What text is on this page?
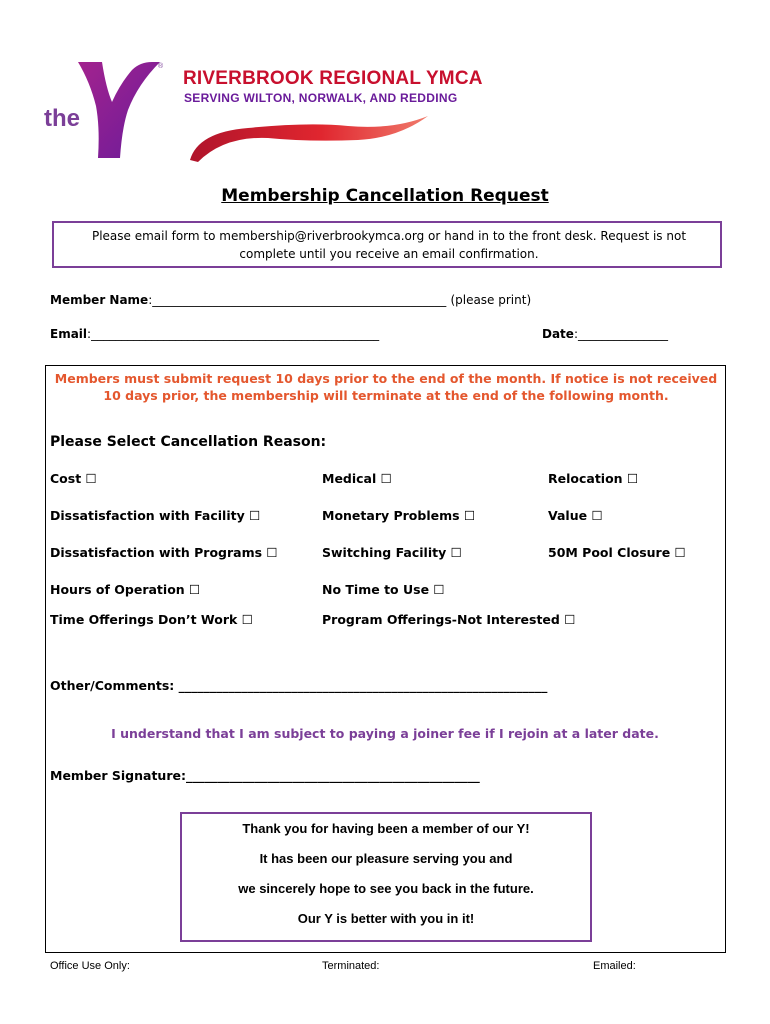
the
YMCA
®
RIVERBROOK REGIONAL YMCA
SERVING WILTON, NORWALK, AND REDDING
Membership Cancellation Request
Please email form to membership@riverbrookymca.org or hand in to the front desk. Request is not
complete until you receive an email confirmation.
Member Name:_________________________________________________ (please print)
Email:________________________________________________	Date:_______________
Members must submit request 10 days prior to the end of the month. If notice is not received
10 days prior, the membership will terminate at the end of the following month.
Please Select Cancellation Reason:
Cost ☐	Medical ☐	Relocation ☐
Dissatisfaction with Facility ☐	Monetary Problems ☐	Value ☐
Dissatisfaction with Programs ☐	Switching Facility ☐	50M Pool Closure ☐
Hours of Operation ☐	No Time to Use ☐
Time Offerings Don’t Work ☐	Program Offerings-Not Interested ☐
Other/Comments: ___________________________________________________________
I understand that I am subject to paying a joiner fee if I rejoin at a later date.
Member Signature:_______________________________________________
Thank you for having been a member of our Y!
It has been our pleasure serving you and
we sincerely hope to see you back in the future.
Our Y is better with you in it!
Office Use Only:	Terminated:	Emailed:
